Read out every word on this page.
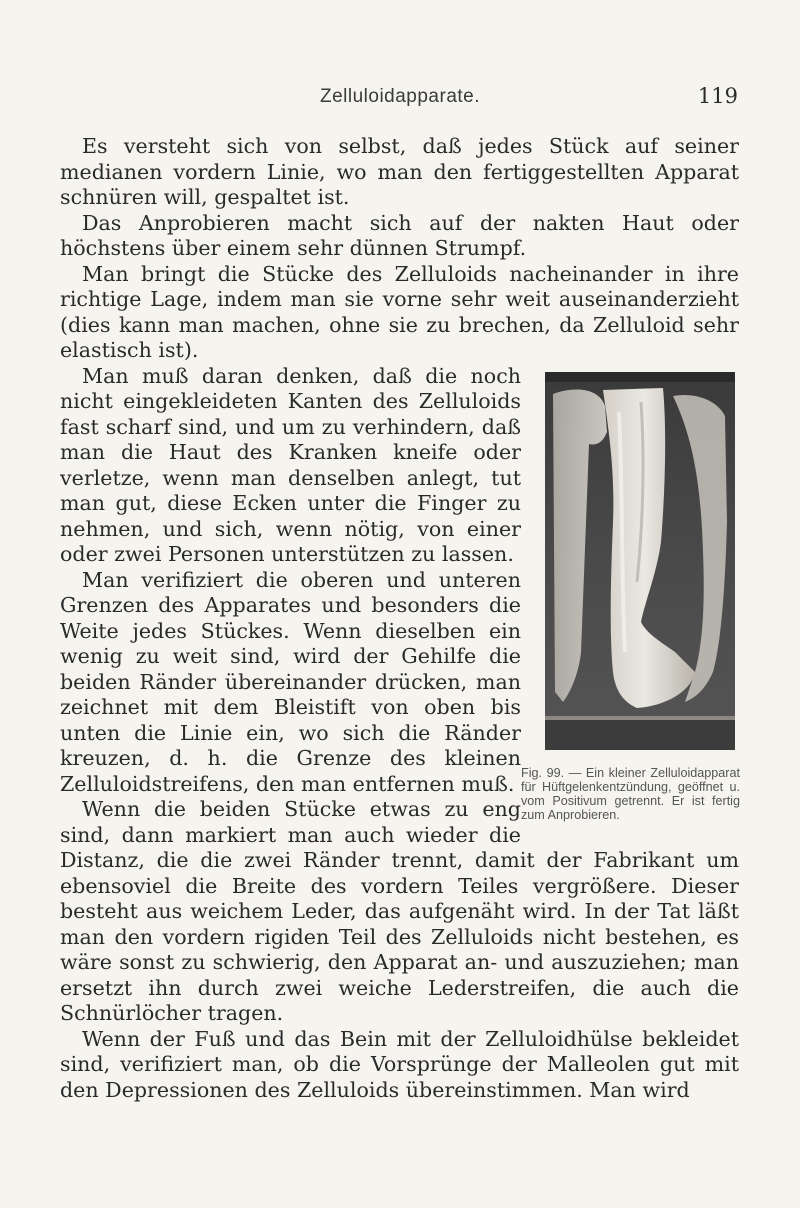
Zelluloidapparate.	119

Es versteht sich von selbst, daß jedes Stück auf seiner medianen vordern Linie, wo man den fertiggestellten Apparat schnüren will, gespaltet ist.

Das Anprobieren macht sich auf der nakten Haut oder höchstens über einem sehr dünnen Strumpf.

Man bringt die Stücke des Zelluloids nacheinander in ihre richtige Lage, indem man sie vorne sehr weit auseinanderzieht (dies kann man machen, ohne sie zu brechen, da Zelluloid sehr elastisch ist).

Fig. 99. — Ein kleiner Zelluloidapparat für Hüftgelenkentzündung, geöffnet u. vom Positivum getrennt. Er ist fertig zum Anprobieren.

Man muß daran denken, daß die noch nicht eingekleideten Kanten des Zelluloids fast scharf sind, und um zu verhindern, daß man die Haut des Kranken kneife oder verletze, wenn man denselben anlegt, tut man gut, diese Ecken unter die Finger zu nehmen, und sich, wenn nötig, von einer oder zwei Personen unterstützen zu lassen.

Man verifiziert die oberen und unteren Grenzen des Apparates und besonders die Weite jedes Stückes. Wenn dieselben ein wenig zu weit sind, wird der Gehilfe die beiden Ränder übereinander drücken, man zeichnet mit dem Bleistift von oben bis unten die Linie ein, wo sich die Ränder kreuzen, d. h. die Grenze des kleinen Zelluloidstreifens, den man entfernen muß.

Wenn die beiden Stücke etwas zu eng sind, dann markiert man auch wieder die Distanz, die die zwei Ränder trennt, damit der Fabrikant um ebensoviel die Breite des vordern Teiles vergrößere. Dieser besteht aus weichem Leder, das aufgenäht wird. In der Tat läßt man den vordern rigiden Teil des Zelluloids nicht bestehen, es wäre sonst zu schwierig, den Apparat an- und auszuziehen; man ersetzt ihn durch zwei weiche Lederstreifen, die auch die Schnürlöcher tragen.

Wenn der Fuß und das Bein mit der Zelluloidhülse bekleidet sind, verifiziert man, ob die Vorsprünge der Malleolen gut mit den Depressionen des Zelluloids übereinstimmen. Man wird
